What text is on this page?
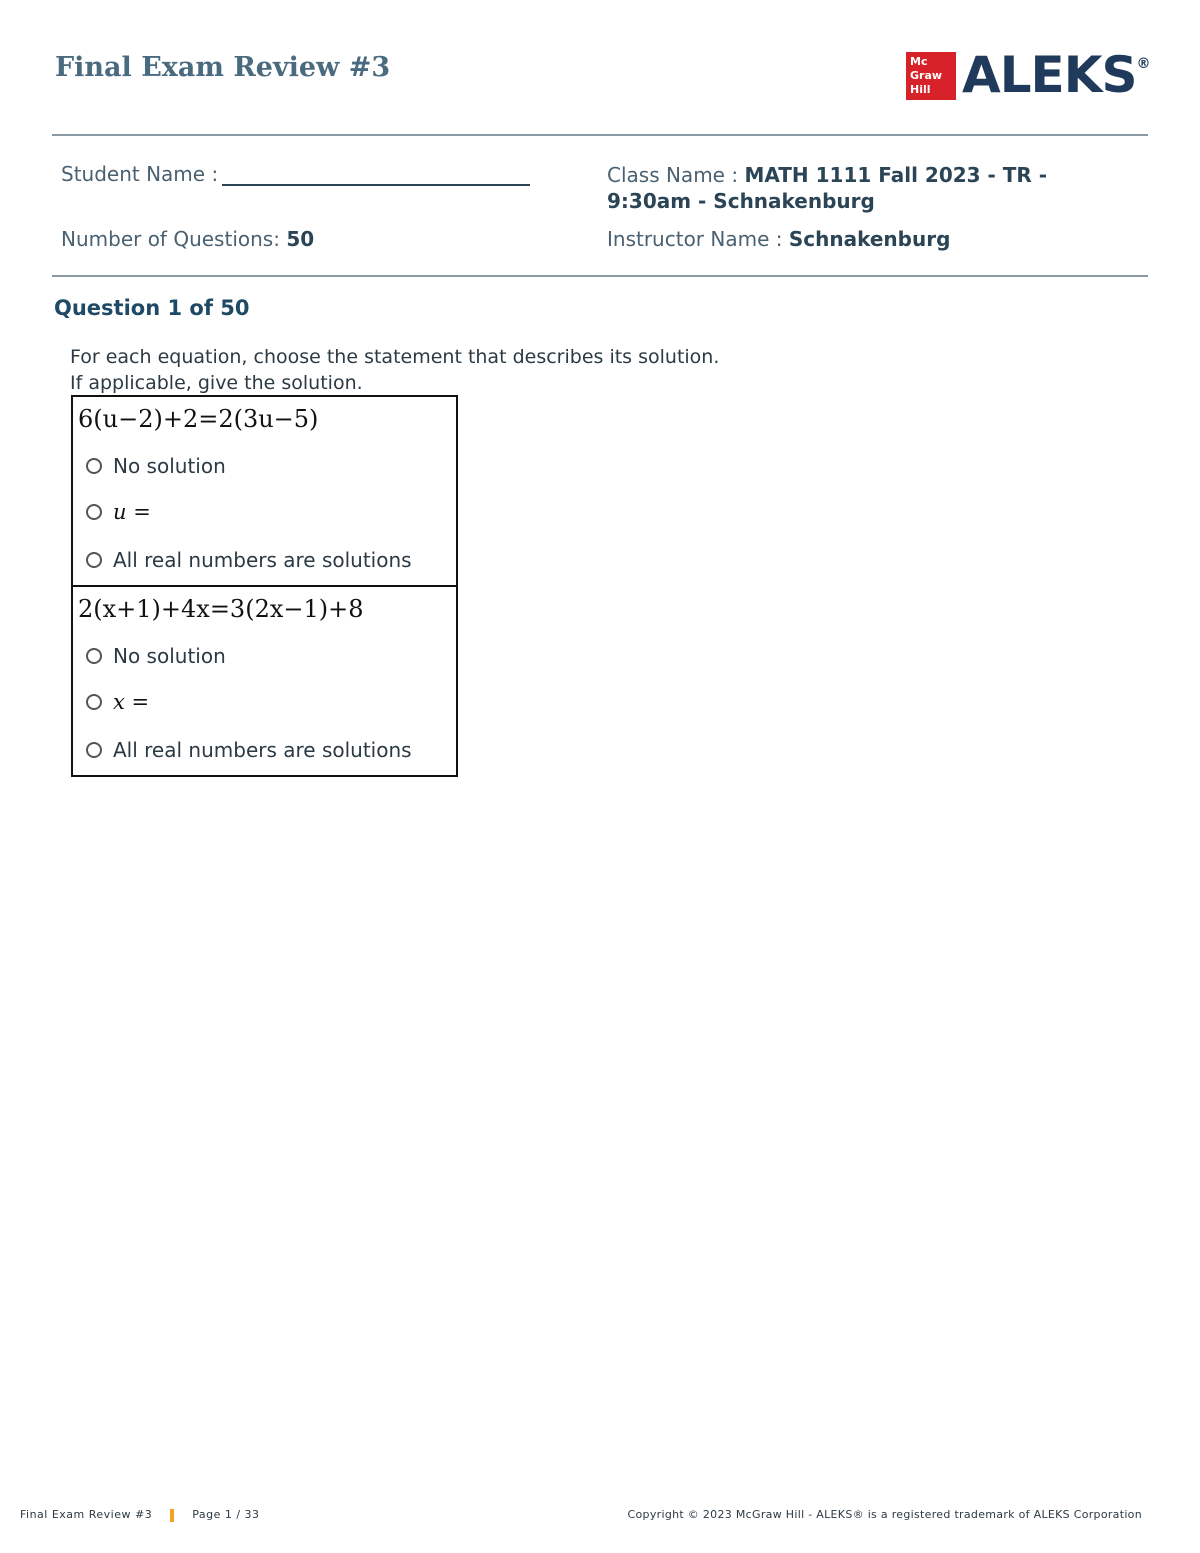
Final Exam Review #3	Mc Graw Hill ALEKS®
Student Name :	Class Name : MATH 1111 Fall 2023 - TR -
9:30am - Schnakenburg
Number of Questions: 50	Instructor Name : Schnakenburg
Question 1 of 50
For each equation, choose the statement that describes its solution.
If applicable, give the solution.
6(u−2)+2=2(3u−5)
No solution
u =
All real numbers are solutions
2(x+1)+4x=3(2x−1)+8
No solution
x =
All real numbers are solutions
Final Exam Review #3	Page 1 / 33	Copyright © 2023 McGraw Hill - ALEKS® is a registered trademark of ALEKS Corporation
